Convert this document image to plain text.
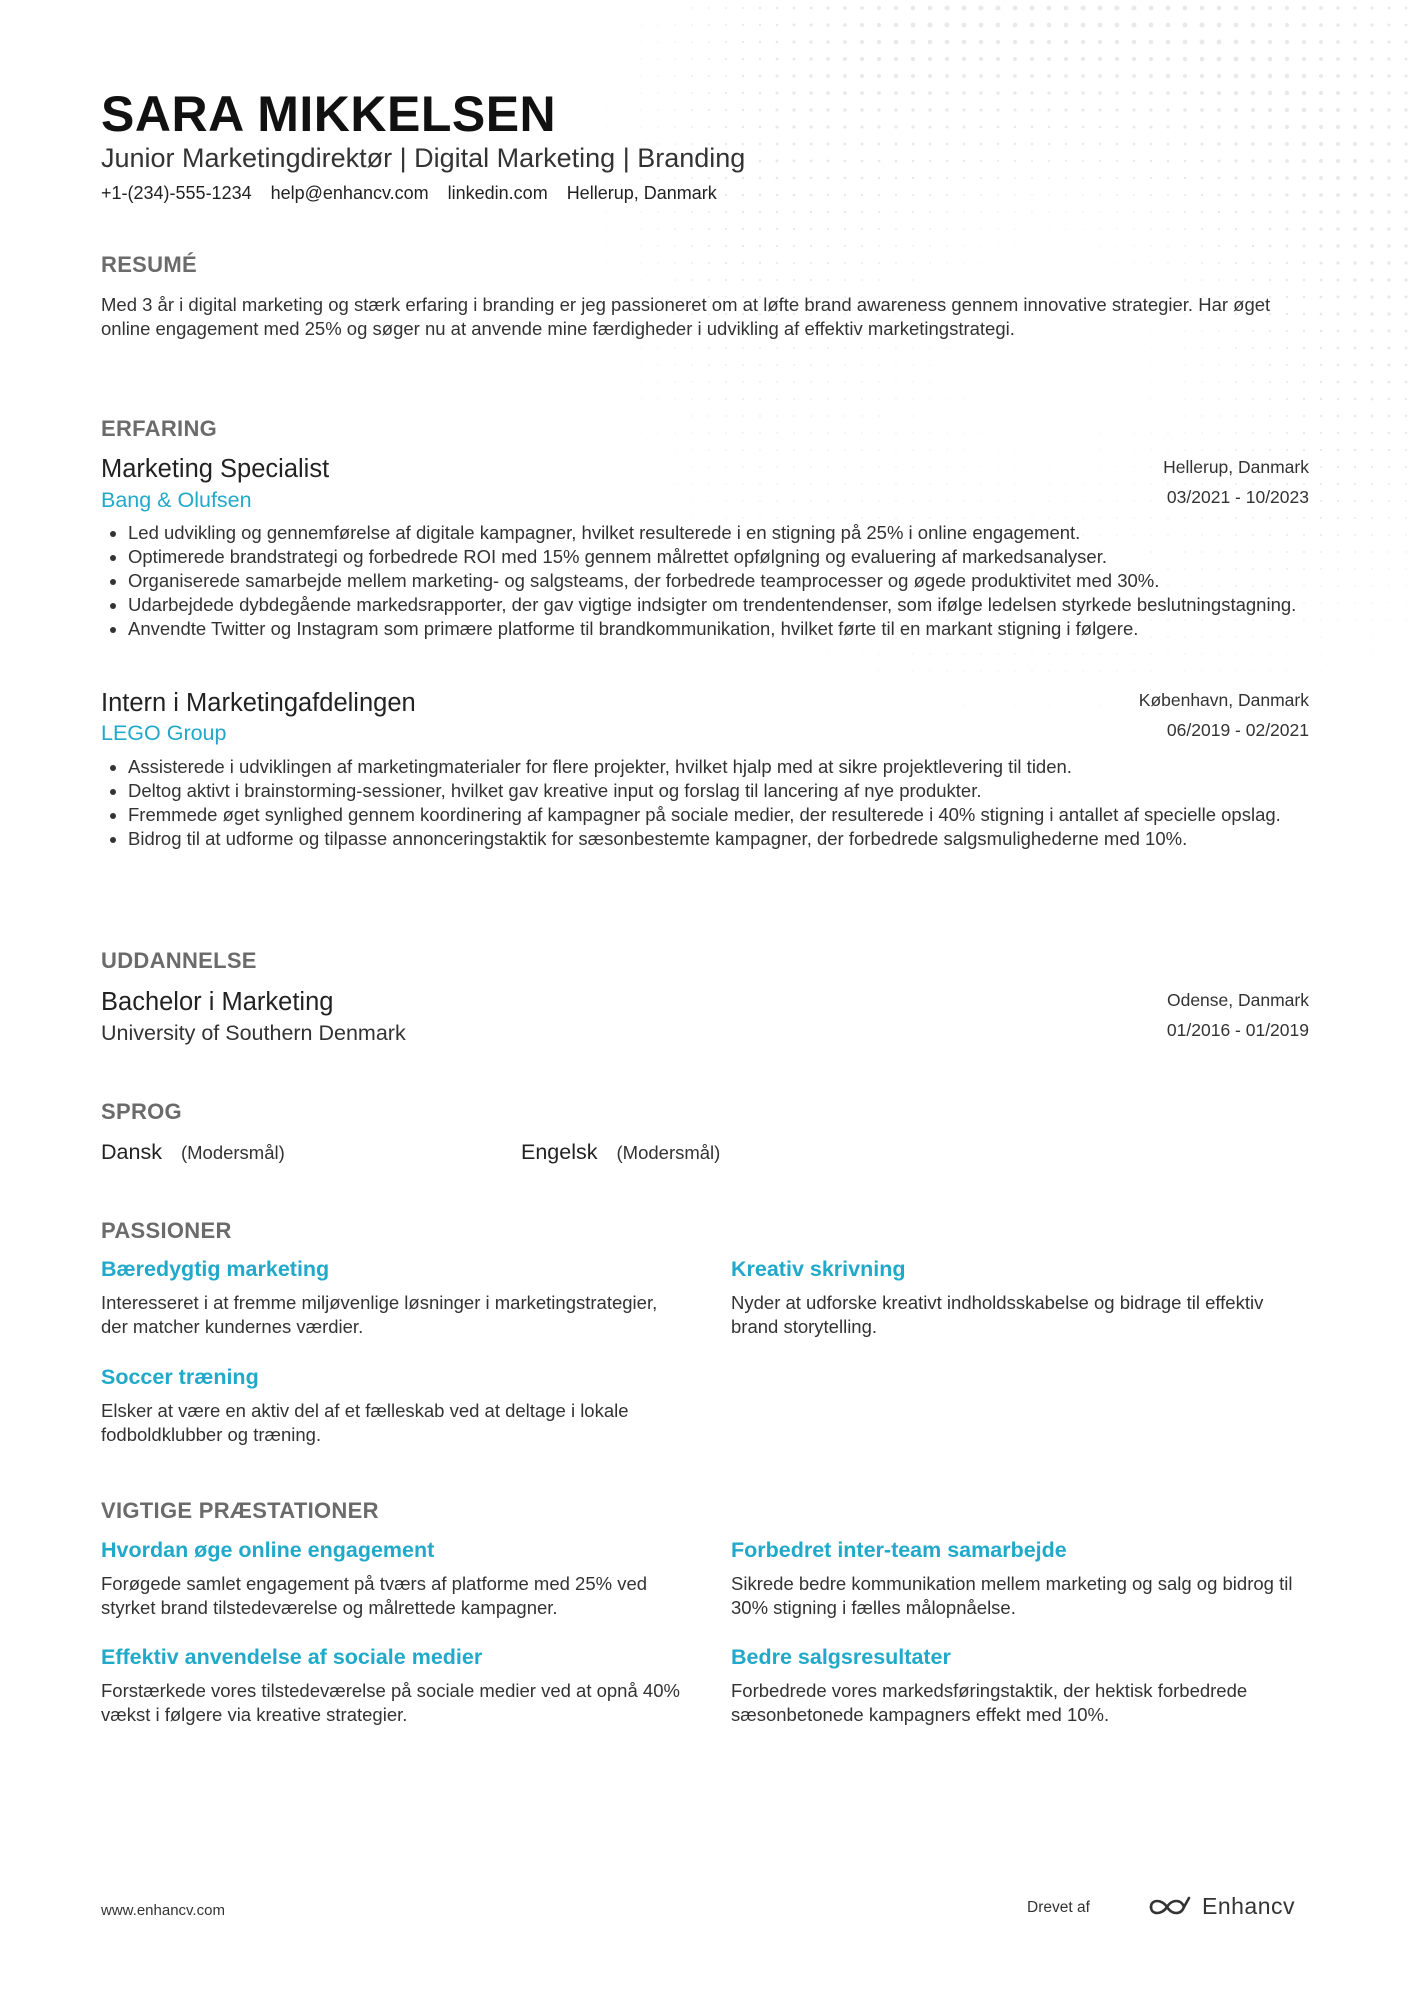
SARA MIKKELSEN
Junior Marketingdirektør | Digital Marketing | Branding
+1-(234)-555-1234 help@enhancv.com linkedin.com Hellerup, Danmark
RESUMÉ
Med 3 år i digital marketing og stærk erfaring i branding er jeg passioneret om at løfte brand awareness gennem innovative strategier. Har øget online engagement med 25% og søger nu at anvende mine færdigheder i udvikling af effektiv marketingstrategi.
ERFARING
Marketing Specialist
Bang & Olufsen
Hellerup, Danmark
03/2021 - 10/2023
• Led udvikling og gennemførelse af digitale kampagner, hvilket resulterede i en stigning på 25% i online engagement.
• Optimerede brandstrategi og forbedrede ROI med 15% gennem målrettet opfølgning og evaluering af markedsanalyser.
• Organiserede samarbejde mellem marketing- og salgsteams, der forbedrede teamprocesser og øgede produktivitet med 30%.
• Udarbejdede dybdegående markedsrapporter, der gav vigtige indsigter om trendentendenser, som ifølge ledelsen styrkede beslutningstagning.
• Anvendte Twitter og Instagram som primære platforme til brandkommunikation, hvilket førte til en markant stigning i følgere.
Intern i Marketingafdelingen
LEGO Group
København, Danmark
06/2019 - 02/2021
• Assisterede i udviklingen af marketingmaterialer for flere projekter, hvilket hjalp med at sikre projektlevering til tiden.
• Deltog aktivt i brainstorming-sessioner, hvilket gav kreative input og forslag til lancering af nye produkter.
• Fremmede øget synlighed gennem koordinering af kampagner på sociale medier, der resulterede i 40% stigning i antallet af specielle opslag.
• Bidrog til at udforme og tilpasse annonceringstaktik for sæsonbestemte kampagner, der forbedrede salgsmulighederne med 10%.
UDDANNELSE
Bachelor i Marketing
University of Southern Denmark
Odense, Danmark
01/2016 - 01/2019
SPROG
Dansk (Modersmål)	Engelsk (Modersmål)
PASSIONER
Bæredygtig marketing
Interesseret i at fremme miljøvenlige løsninger i marketingstrategier, der matcher kundernes værdier.
Kreativ skrivning
Nyder at udforske kreativt indholdsskabelse og bidrage til effektiv brand storytelling.
Soccer træning
Elsker at være en aktiv del af et fælleskab ved at deltage i lokale fodboldklubber og træning.
VIGTIGE PRÆSTATIONER
Hvordan øge online engagement
Forøgede samlet engagement på tværs af platforme med 25% ved styrket brand tilstedeværelse og målrettede kampagner.
Forbedret inter-team samarbejde
Sikrede bedre kommunikation mellem marketing og salg og bidrog til 30% stigning i fælles målopnåelse.
Effektiv anvendelse af sociale medier
Forstærkede vores tilstedeværelse på sociale medier ved at opnå 40% vækst i følgere via kreative strategier.
Bedre salgsresultater
Forbedrede vores markedsføringstaktik, der hektisk forbedrede sæsonbetonede kampagners effekt med 10%.
www.enhancv.com	Drevet af	Enhancv
